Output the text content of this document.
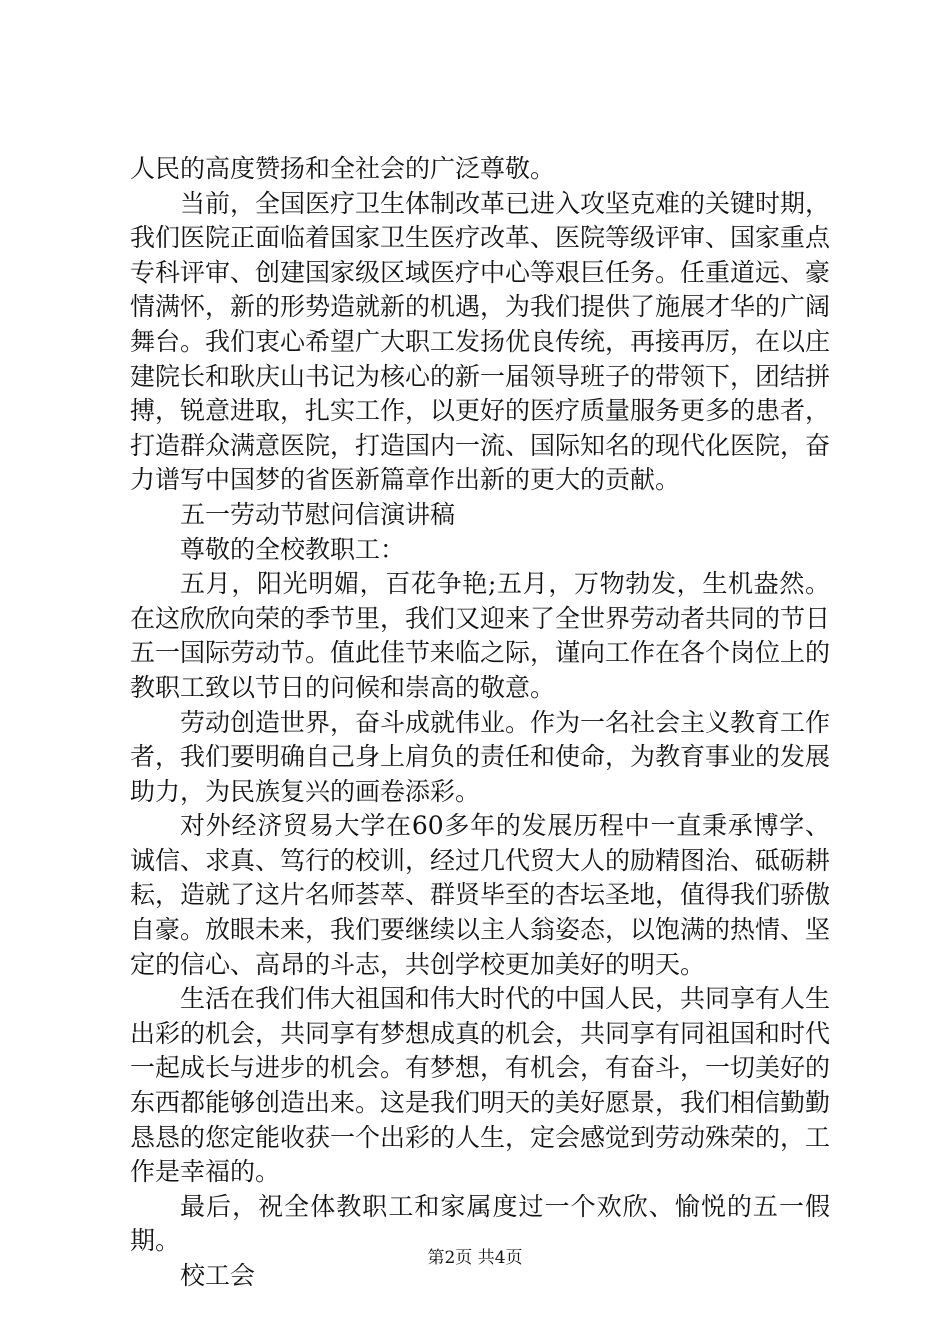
人民的高度赞扬和全社会的广泛尊敬。

当前，全国医疗卫生体制改革已进入攻坚克难的关键时期，我们医院正面临着国家卫生医疗改革、医院等级评审、国家重点专科评审、创建国家级区域医疗中心等艰巨任务。任重道远、豪情满怀，新的形势造就新的机遇，为我们提供了施展才华的广阔舞台。我们衷心希望广大职工发扬优良传统，再接再厉，在以庄建院长和耿庆山书记为核心的新一届领导班子的带领下，团结拼搏，锐意进取，扎实工作，以更好的医疗质量服务更多的患者，打造群众满意医院，打造国内一流、国际知名的现代化医院，奋力谱写中国梦的省医新篇章作出新的更大的贡献。

五一劳动节慰问信演讲稿

尊敬的全校教职工：

五月，阳光明媚，百花争艳;五月，万物勃发，生机盎然。在这欣欣向荣的季节里，我们又迎来了全世界劳动者共同的节日五一国际劳动节。值此佳节来临之际，谨向工作在各个岗位上的教职工致以节日的问候和崇高的敬意。

劳动创造世界，奋斗成就伟业。作为一名社会主义教育工作者，我们要明确自己身上肩负的责任和使命，为教育事业的发展助力，为民族复兴的画卷添彩。

对外经济贸易大学在60多年的发展历程中一直秉承博学、诚信、求真、笃行的校训，经过几代贸大人的励精图治、砥砺耕耘，造就了这片名师荟萃、群贤毕至的杏坛圣地，值得我们骄傲自豪。放眼未来，我们要继续以主人翁姿态，以饱满的热情、坚定的信心、高昂的斗志，共创学校更加美好的明天。

生活在我们伟大祖国和伟大时代的中国人民，共同享有人生出彩的机会，共同享有梦想成真的机会，共同享有同祖国和时代一起成长与进步的机会。有梦想，有机会，有奋斗，一切美好的东西都能够创造出来。这是我们明天的美好愿景，我们相信勤勤恳恳的您定能收获一个出彩的人生，定会感觉到劳动殊荣的，工作是幸福的。

最后，祝全体教职工和家属度过一个欢欣、愉悦的五一假期。

校工会

第2页 共4页
